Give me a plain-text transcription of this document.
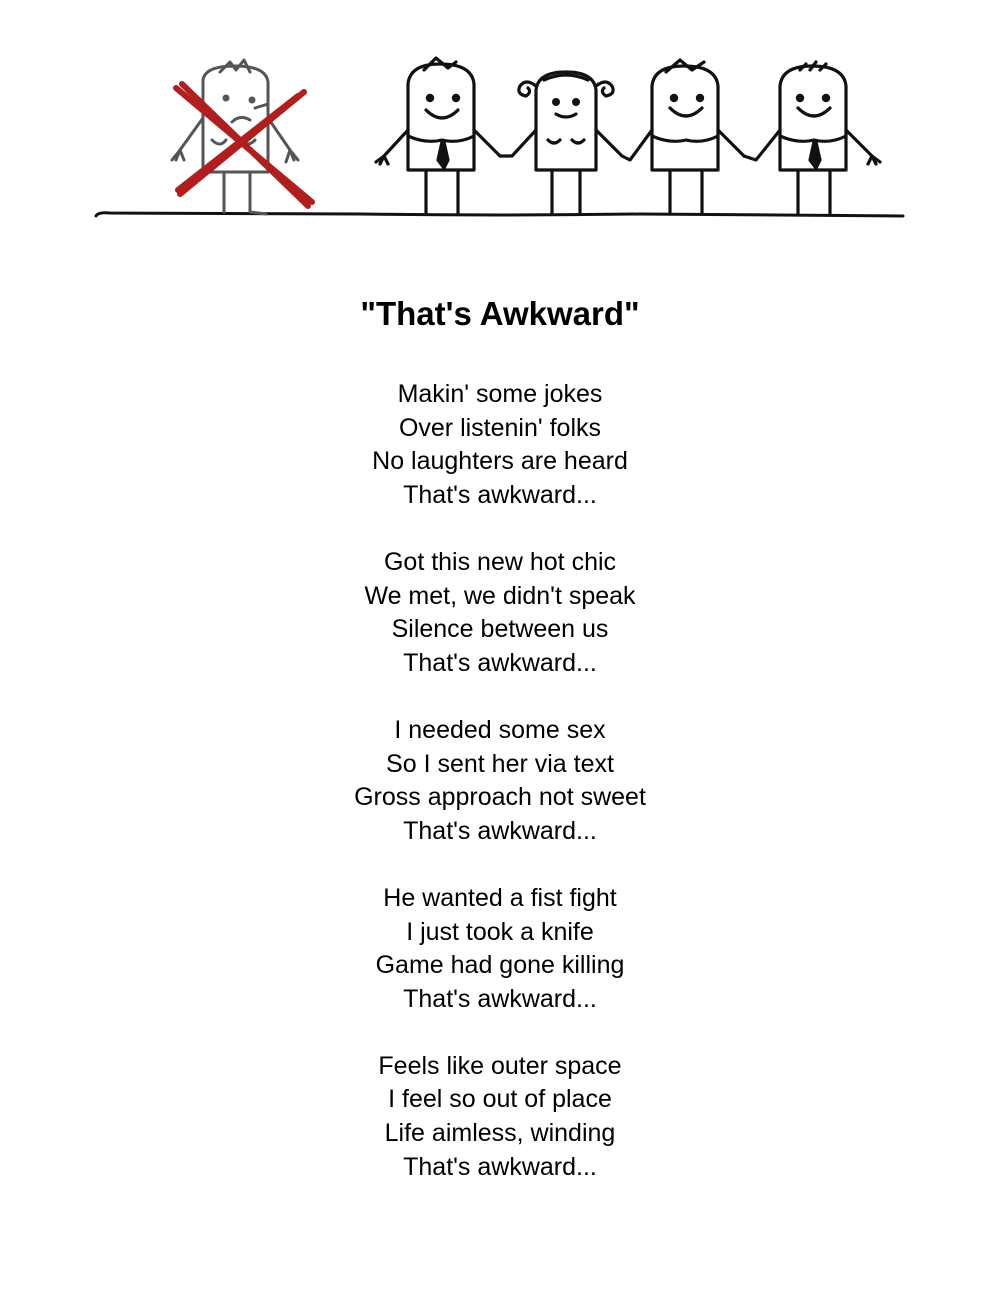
"That's Awkward"
Makin' some jokes
Over listenin' folks
No laughters are heard
That's awkward...
Got this new hot chic
We met, we didn't speak
Silence between us
That's awkward...
I needed some sex
So I sent her via text
Gross approach not sweet
That's awkward...
He wanted a fist fight
I just took a knife
Game had gone killing
That's awkward...
Feels like outer space
I feel so out of place
Life aimless, winding
That's awkward...
